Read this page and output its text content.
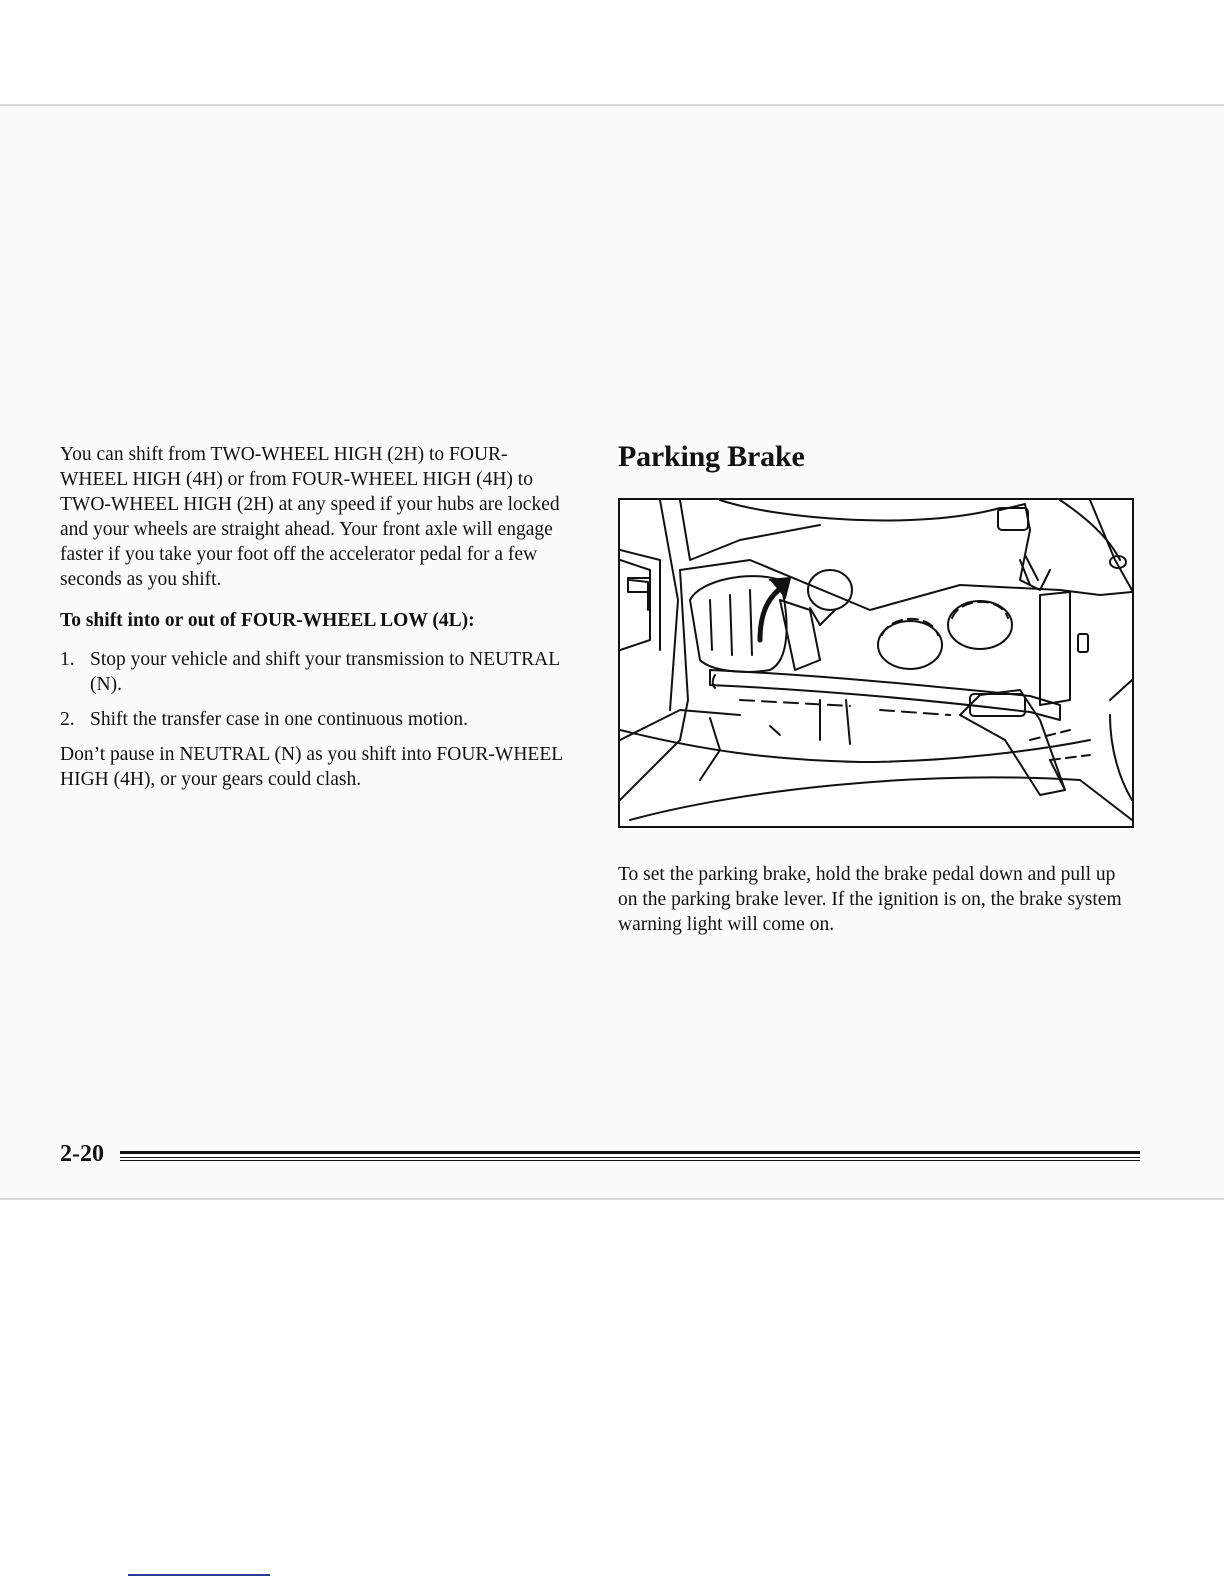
You can shift from TWO-WHEEL HIGH (2H) to FOUR-WHEEL HIGH (4H) or from FOUR-WHEEL HIGH (4H) to TWO-WHEEL HIGH (2H) at any speed if your hubs are locked and your wheels are straight ahead. Your front axle will engage faster if you take your foot off the accelerator pedal for a few seconds as you shift.

To shift into or out of FOUR-WHEEL LOW (4L):

1. Stop your vehicle and shift your transmission to NEUTRAL (N).
2. Shift the transfer case in one continuous motion.

Don’t pause in NEUTRAL (N) as you shift into FOUR-WHEEL HIGH (4H), or your gears could clash.

Parking Brake

To set the parking brake, hold the brake pedal down and pull up on the parking brake lever. If the ignition is on, the brake system warning light will come on.

2-20
